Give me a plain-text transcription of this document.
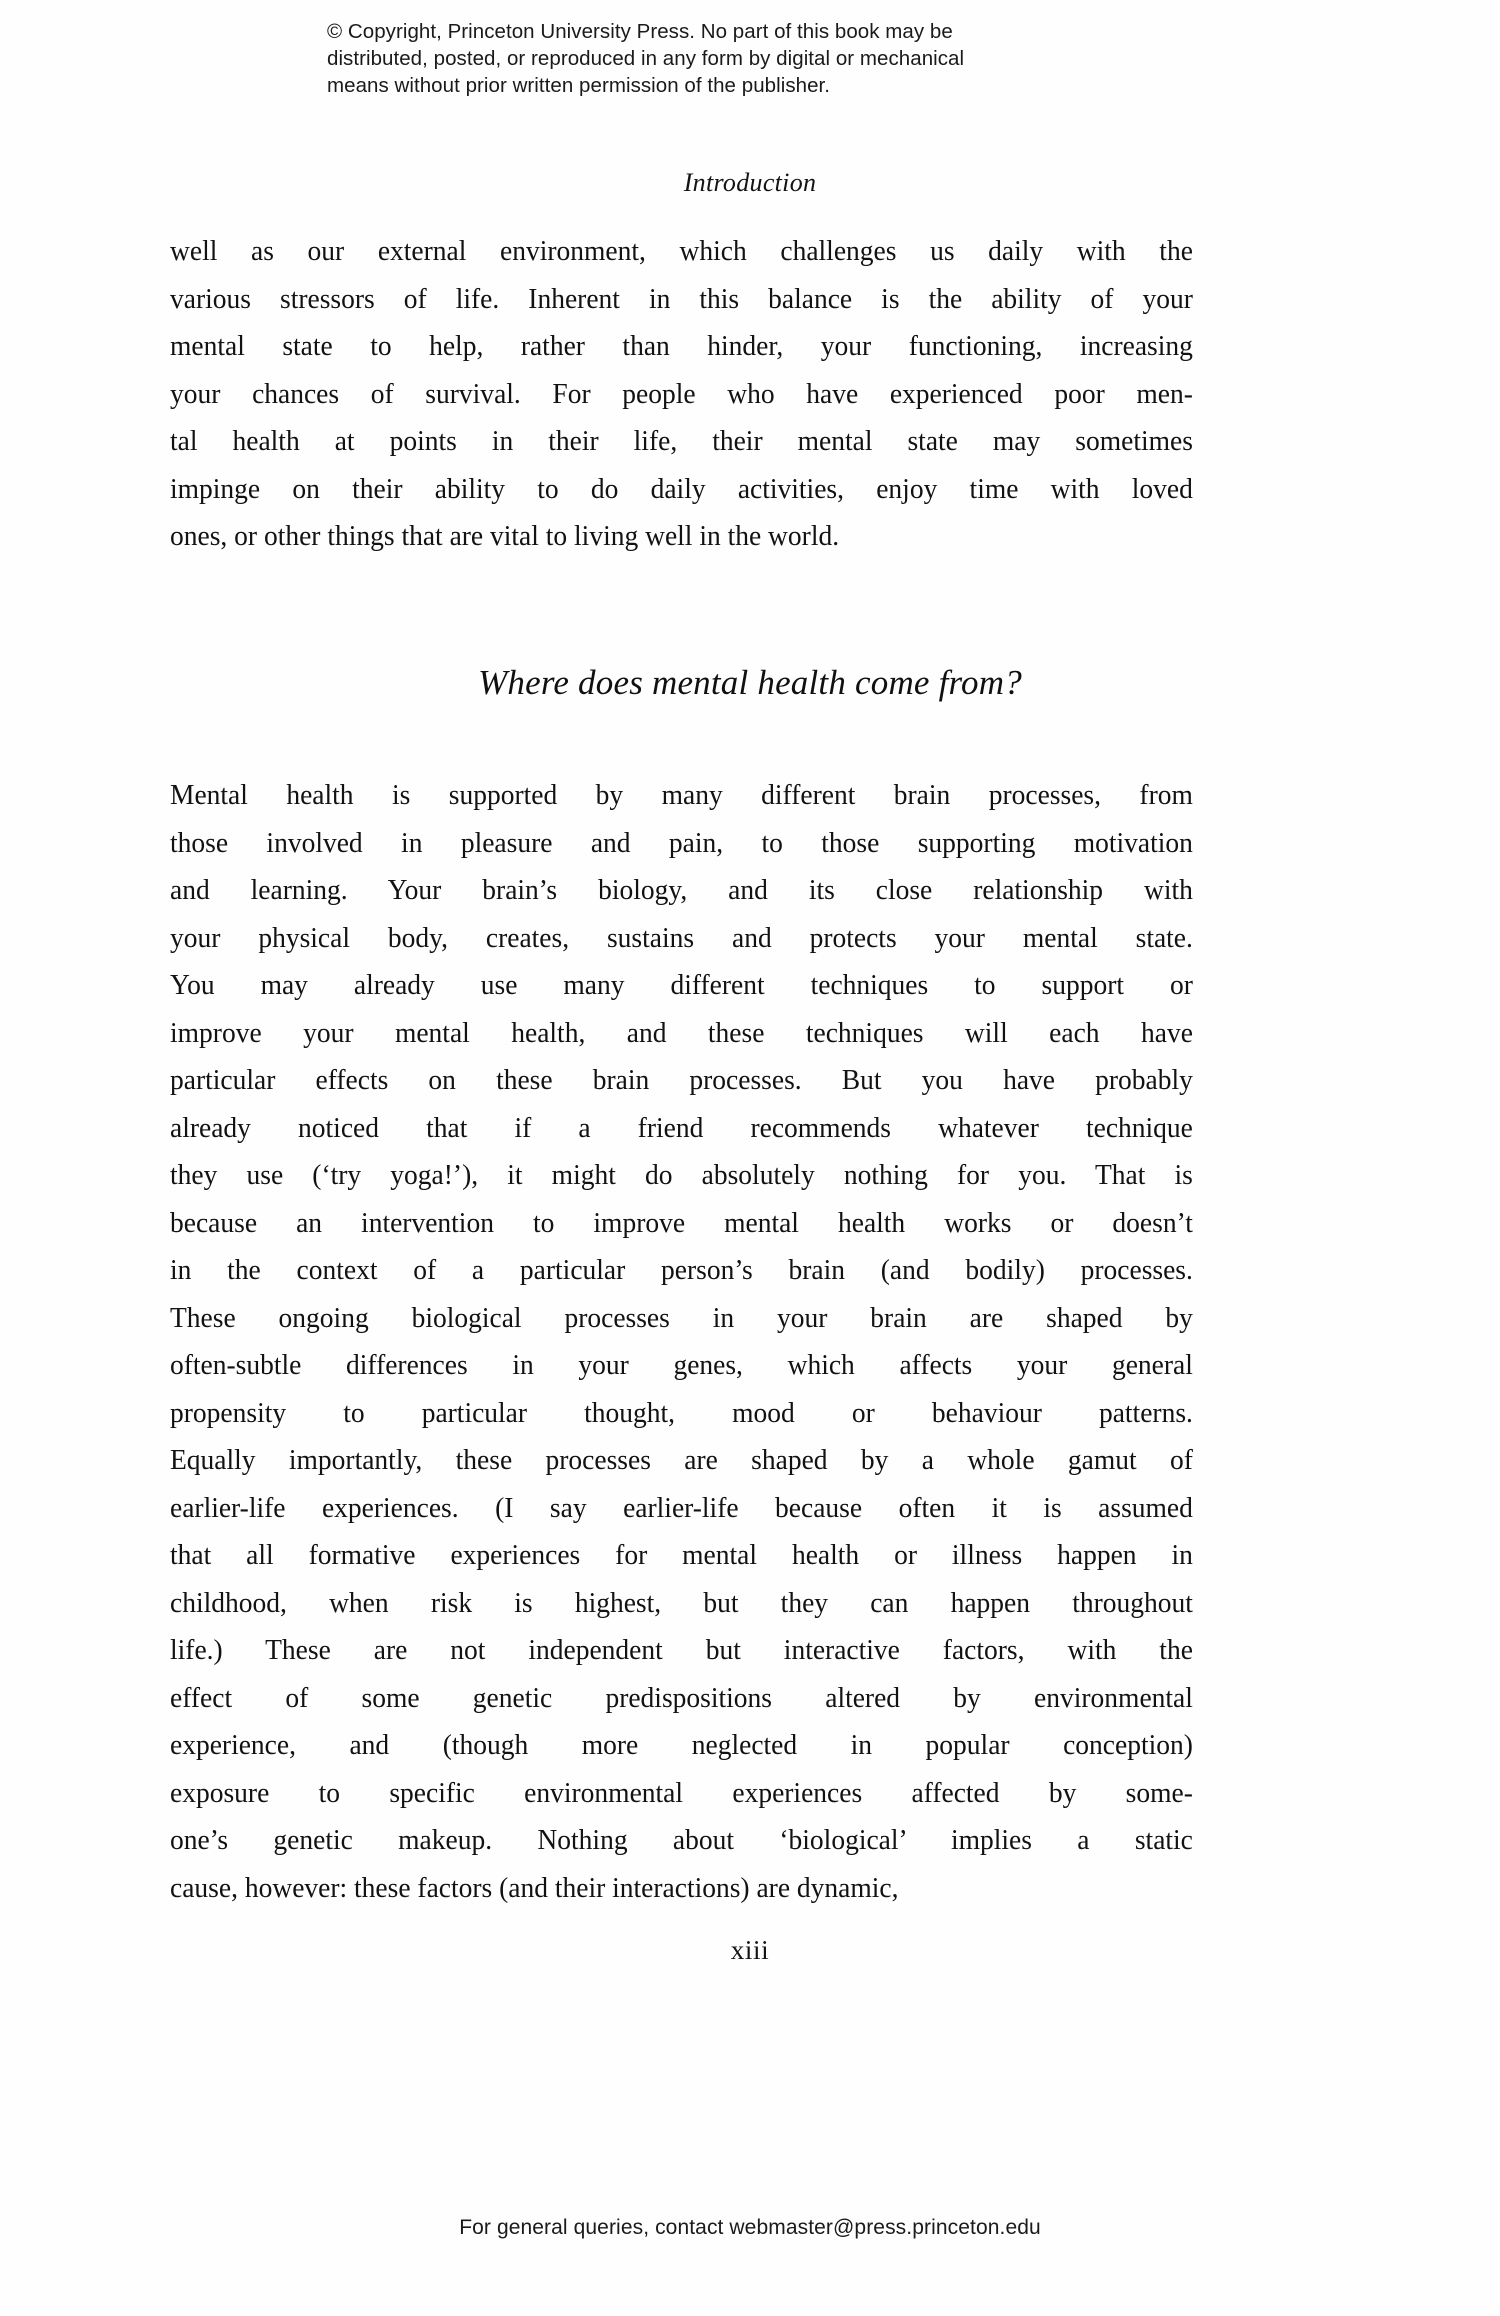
© Copyright, Princeton University Press. No part of this book may be
distributed, posted, or reproduced in any form by digital or mechanical
means without prior written permission of the publisher.
Introduction
well as our external environment, which challenges us daily with the
various stressors of life. Inherent in this balance is the ability of your
mental state to help, rather than hinder, your functioning, increasing
your chances of survival. For people who have experienced poor men-
tal health at points in their life, their mental state may sometimes
impinge on their ability to do daily activities, enjoy time with loved
ones, or other things that are vital to living well in the world.
Where does mental health come from?
Mental health is supported by many different brain processes, from
those involved in pleasure and pain, to those supporting motivation
and learning. Your brain’s biology, and its close relationship with
your physical body, creates, sustains and protects your mental state.
You may already use many different techniques to support or
improve your mental health, and these techniques will each have
particular effects on these brain processes. But you have probably
already noticed that if a friend recommends whatever technique
they use (‘try yoga!’), it might do absolutely nothing for you. That is
because an intervention to improve mental health works or doesn’t
in the context of a particular person’s brain (and bodily) processes.
These ongoing biological processes in your brain are shaped by
often-subtle differences in your genes, which affects your general
propensity to particular thought, mood or behaviour patterns.
Equally importantly, these processes are shaped by a whole gamut of
earlier-life experiences. (I say earlier-life because often it is assumed
that all formative experiences for mental health or illness happen in
childhood, when risk is highest, but they can happen throughout
life.) These are not independent but interactive factors, with the
effect of some genetic predispositions altered by environmental
experience, and (though more neglected in popular conception)
exposure to specific environmental experiences affected by some-
one’s genetic makeup. Nothing about ‘biological’ implies a static
cause, however: these factors (and their interactions) are dynamic,
xiii
For general queries, contact webmaster@press.princeton.edu
